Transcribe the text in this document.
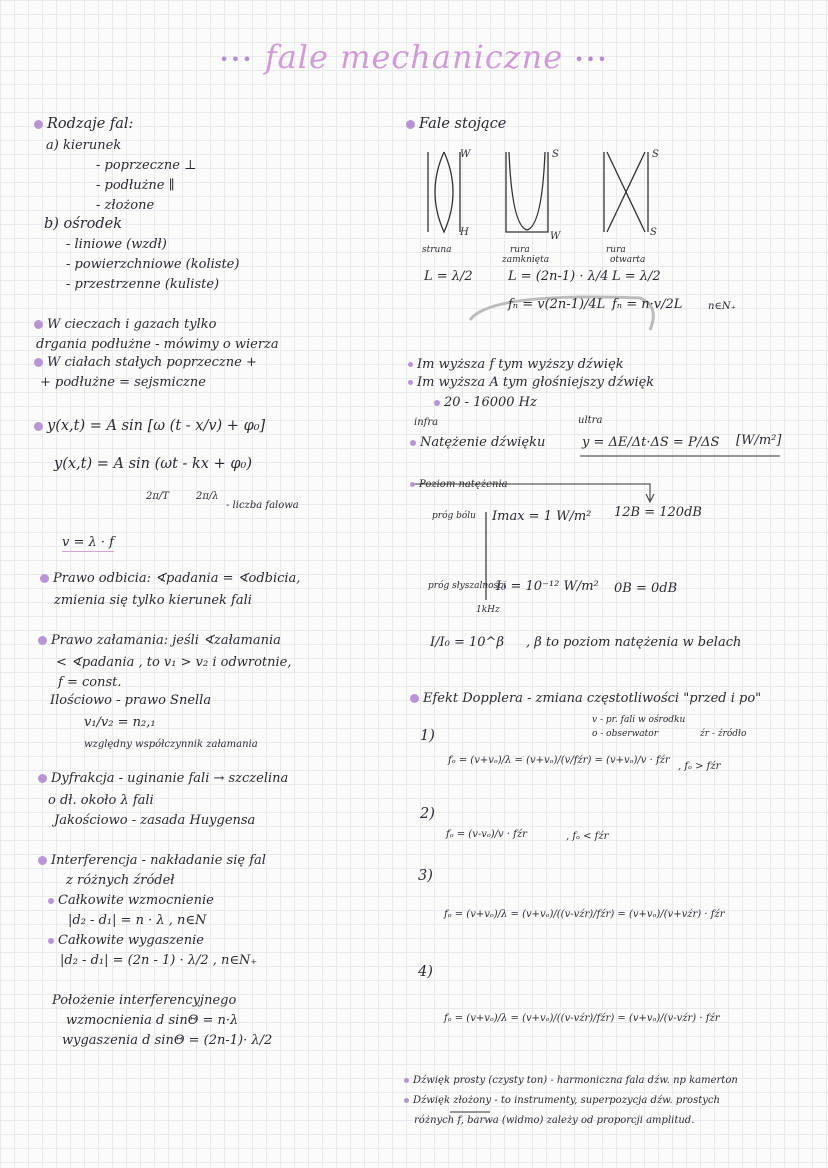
••• fale mechaniczne •••
Rodzaje fal:
a) kierunek
- poprzeczne ⊥
- podłużne ∥
- złożone
b) ośrodek
- liniowe (wzdł)
- powierzchniowe (koliste)
- przestrzenne (kuliste)
W cieczach i gazach tylko
drgania podłużne - mówimy o wierza
W ciałach stałych poprzeczne +
+ podłużne = sejsmiczne
y(x,t) = A sin [ω (t - x/v) + φ₀]
y(x,t) = A sin (ωt - kx + φ₀)
2π/T	2π/λ
- liczba falowa
v = λ · f
Prawo odbicia: ∢padania = ∢odbicia,
zmienia się tylko kierunek fali
Prawo załamania: jeśli ∢załamania
< ∢padania , to v₁ > v₂ i odwrotnie,
f = const.
Ilościowo - prawo Snella
v₁/v₂ = n₂,₁
względny współczynnik załamania
Dyfrakcja - uginanie fali → szczelina
o dł. około λ fali
Jakościowo - zasada Huygensa
Interferencja - nakładanie się fal
z różnych źródeł
Całkowite wzmocnienie
|d₂ - d₁| = n · λ , n∈N
Całkowite wygaszenie
|d₂ - d₁| = (2n - 1) · λ/2 , n∈N₊
Położenie interferencyjnego
wzmocnienia d sinΘ = n·λ
wygaszenia d sinΘ = (2n-1)· λ/2
Fale stojące
W
H
S
W
S
S
struna	rura
zamknięta
rura
otwarta
L = λ/2	L = (2n-1) · λ/4 L = λ/2
fₙ = v(2n-1)/4L fₙ = n·v/2L	n∈N₊
Im wyższa f tym wyższy dźwięk
Im wyższa A tym głośniejszy dźwięk
20 - 16000 Hz
infra	ultra
Natężenie dźwięku	y = ΔE/Δt·ΔS = P/ΔS [W/m²]
Poziom natężenia
próg bólu Imax = 1 W/m² 12B = 120dB
próg słyszalności
I₀ = 10⁻¹² W/m² 0B = 0dB
1kHz
I/I₀ = 10^β , β to poziom natężenia w belach
Efekt Dopplera - zmiana częstotliwości "przed i po"
v - pr. fali w ośrodku
o - obserwator	źr - źródło
1)
fₒ = (v+vₒ)/λ = (v+vₒ)/(v/fźr) = (v+vₒ)/v · fźr
, fₒ > fźr
2)
fₒ = (v-vₒ)/v · fźr	, fₒ < fźr
3)
fₒ = (v+vₒ)/λ = (v+vₒ)/((v-vźr)/fźr) = (v+vₒ)/(v+vźr) · fźr
4)
fₒ = (v+vₒ)/λ = (v+vₒ)/((v-vźr)/fźr) = (v+vₒ)/(v-vźr) · fźr
Dźwięk prosty (czysty ton) - harmoniczna fala dźw. np kamerton
Dźwięk złożony - to instrumenty, superpozycja dźw. prostych
różnych f, barwa (widmo) zależy od proporcji amplitud.
